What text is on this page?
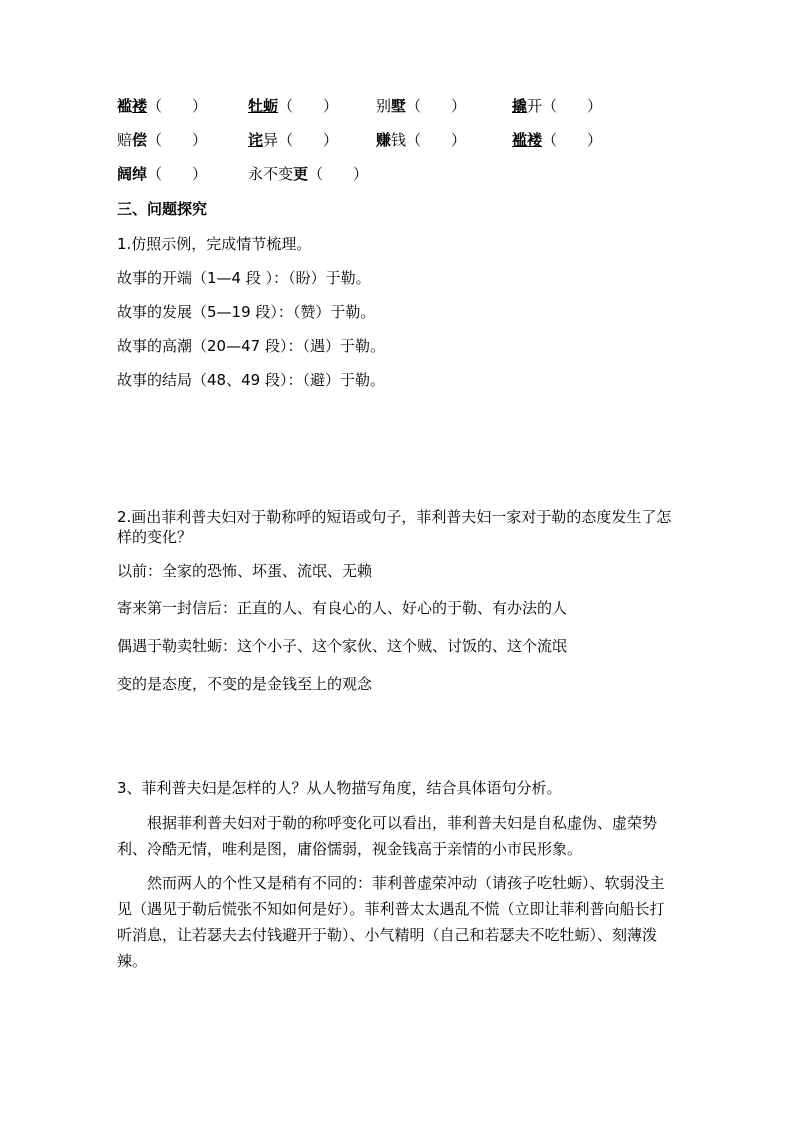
褴褛（　　）	牡蛎（　　）	别墅（　　）	撬开（　　）
赔偿（　　）	诧异（　　）	赚钱（　　）	褴褛（　　）
阔绰（　　）	永不变更（　　）
三、问题探究
1.仿照示例，完成情节梳理。
故事的开端（1—4 段 ）：（盼）于勒。
故事的发展（5—19 段）：（赞）于勒。
故事的高潮（20—47 段）：（遇）于勒。
故事的结局（48、49 段）：（避）于勒。
2.画出菲利普夫妇对于勒称呼的短语或句子，菲利普夫妇一家对于勒的态度发生了怎样的变化？
以前：全家的恐怖、坏蛋、流氓、无赖
寄来第一封信后：正直的人、有良心的人、好心的于勒、有办法的人
偶遇于勒卖牡蛎：这个小子、这个家伙、这个贼、讨饭的、这个流氓
变的是态度，不变的是金钱至上的观念
3、菲利普夫妇是怎样的人？从人物描写角度，结合具体语句分析。
根据菲利普夫妇对于勒的称呼变化可以看出，菲利普夫妇是自私虚伪、虚荣势利、冷酷无情，唯利是图，庸俗懦弱，视金钱高于亲情的小市民形象。
然而两人的个性又是稍有不同的：菲利普虚荣冲动（请孩子吃牡蛎）、软弱没主见（遇见于勒后慌张不知如何是好）。菲利普太太遇乱不慌（立即让菲利普向船长打听消息，让若瑟夫去付钱避开于勒）、小气精明（自己和若瑟夫不吃牡蛎）、刻薄泼辣。
